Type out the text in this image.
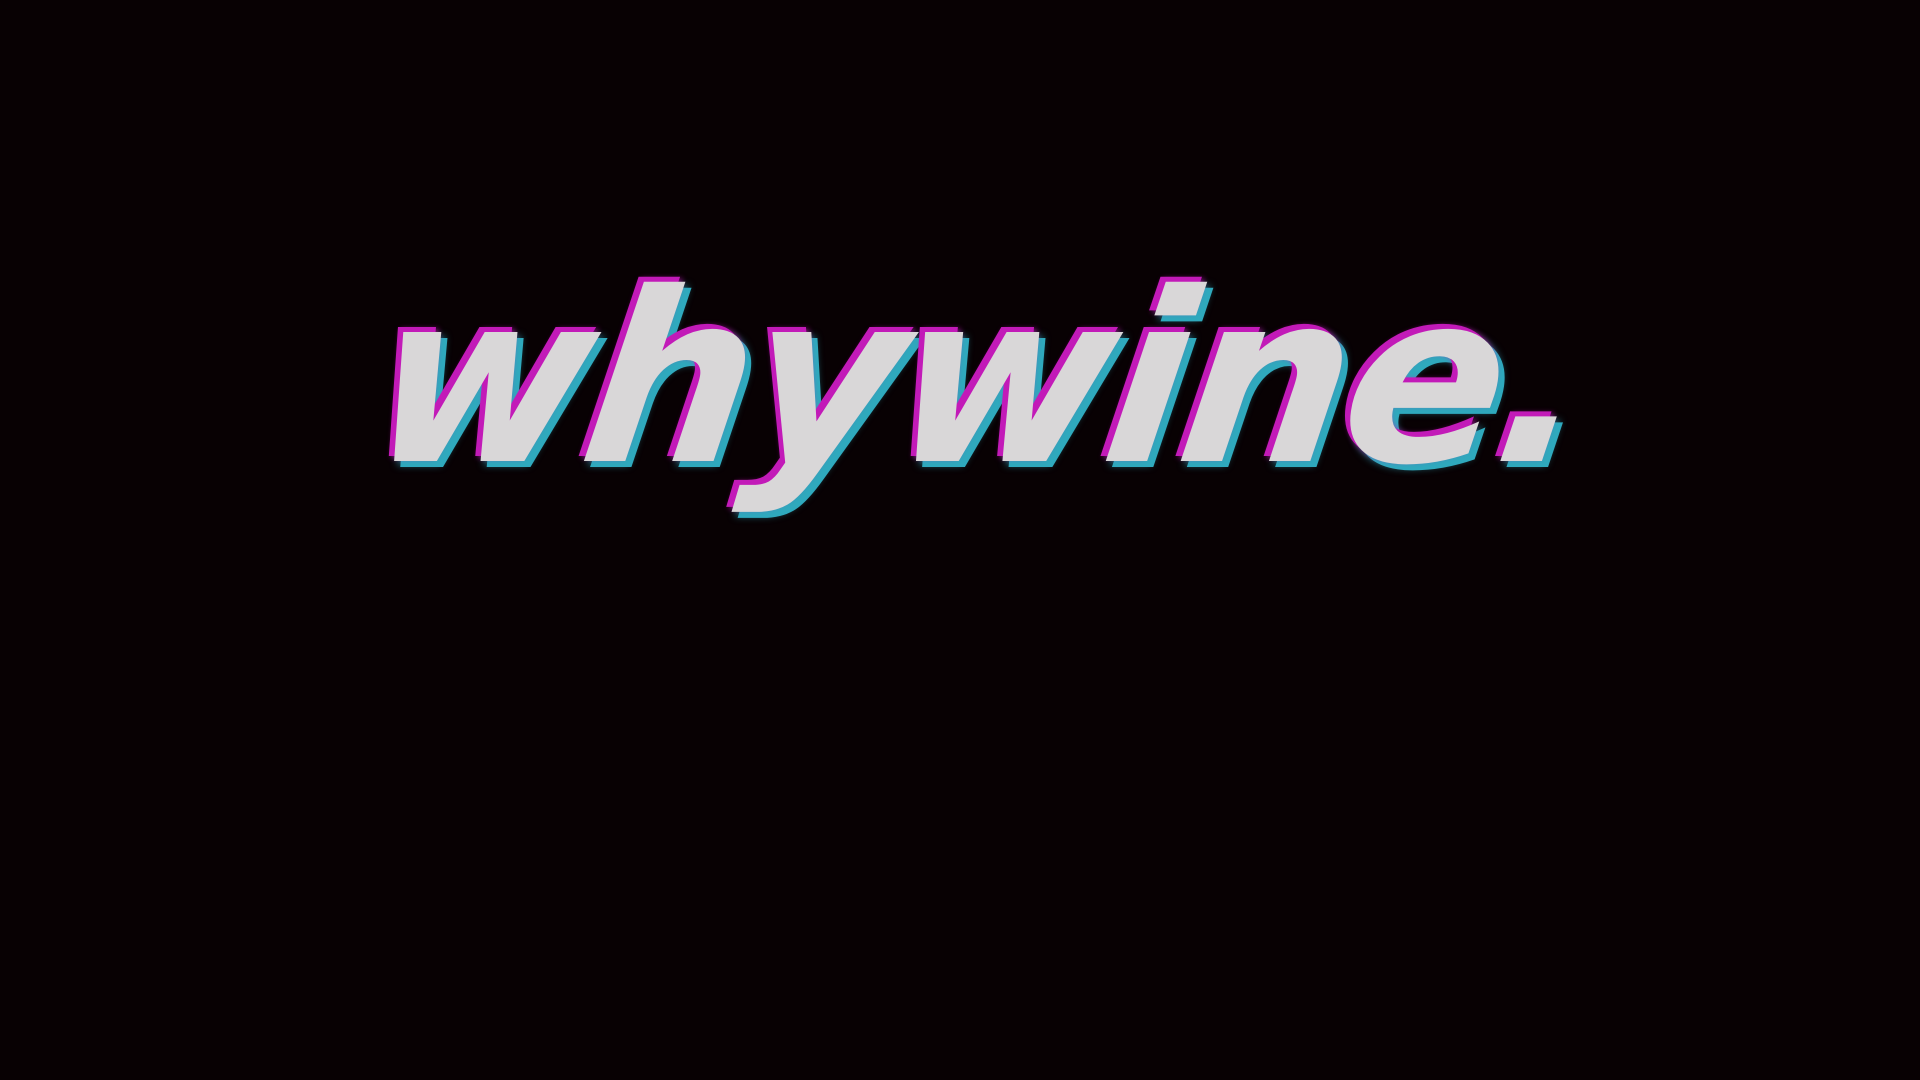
whywine.
